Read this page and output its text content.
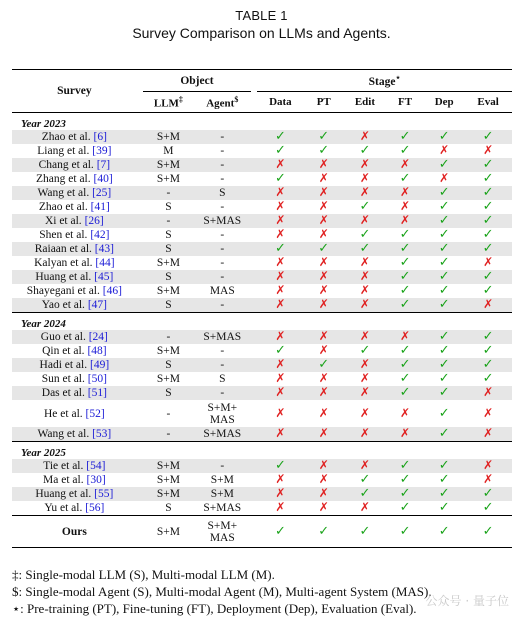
TABLE 1
Survey Comparison on LLMs and Agents.
Survey		Object			Stage⋆
		LLM‡	Agent$		Data	PT	Edit	FT	Dep	Eval
Year 2023										
Zhao et al. [6]		S+M	-		✓	✓	✗	✓	✓	✓
Liang et al. [39]		M	-		✓	✓	✓	✓	✗	✗
Chang et al. [7]		S+M	-		✗	✗	✗	✗	✓	✓
Zhang et al. [40]		S+M	-		✓	✗	✗	✓	✗	✓
Wang et al. [25]		-	S		✗	✗	✗	✗	✓	✓
Zhao et al. [41]		S	-		✗	✗	✓	✗	✓	✓
Xi et al. [26]		-	S+MAS		✗	✗	✗	✗	✓	✓
Shen et al. [42]		S	-		✗	✗	✓	✓	✓	✓
Raiaan et al. [43]		S	-		✓	✓	✓	✓	✓	✓
Kalyan et al. [44]		S+M	-		✗	✗	✗	✓	✓	✗
Huang et al. [45]		S	-		✗	✗	✗	✓	✓	✓
Shayegani et al. [46]		S+M	MAS		✗	✗	✗	✓	✓	✓
Yao et al. [47]		S	-		✗	✗	✗	✓	✓	✗
Year 2024										
Guo et al. [24]		-	S+MAS		✗	✗	✗	✗	✓	✓
Qin et al. [48]		S+M	-		✓	✗	✓	✓	✓	✓
Hadi et al. [49]		S	-		✗	✓	✗	✓	✓	✓
Sun et al. [50]		S+M	S		✗	✗	✗	✓	✓	✓
Das et al. [51]		S	-		✗	✗	✗	✓	✓	✗
He et al. [52]		-	S+M+ MAS		✗	✗	✗	✗	✓	✗
Wang et al. [53]		-	S+MAS		✗	✗	✗	✗	✓	✗
Year 2025										
Tie et al. [54]		S+M	-		✓	✗	✗	✓	✓	✗
Ma et al. [30]		S+M	S+M		✗	✗	✓	✓	✓	✗
Huang et al. [55]		S+M	S+M		✗	✗	✓	✓	✓	✓
Yu et al. [56]		S	S+MAS		✗	✗	✗	✓	✓	✓
Ours		S+M	S+M+ MAS		✓	✓	✓	✓	✓	✓
‡: Single-modal LLM (S), Multi-modal LLM (M).
$: Single-modal Agent (S), Multi-modal Agent (M), Multi-agent System (MAS).
⋆: Pre-training (PT), Fine-tuning (FT), Deployment (Dep), Evaluation (Eval). 公众号 · 量子位
